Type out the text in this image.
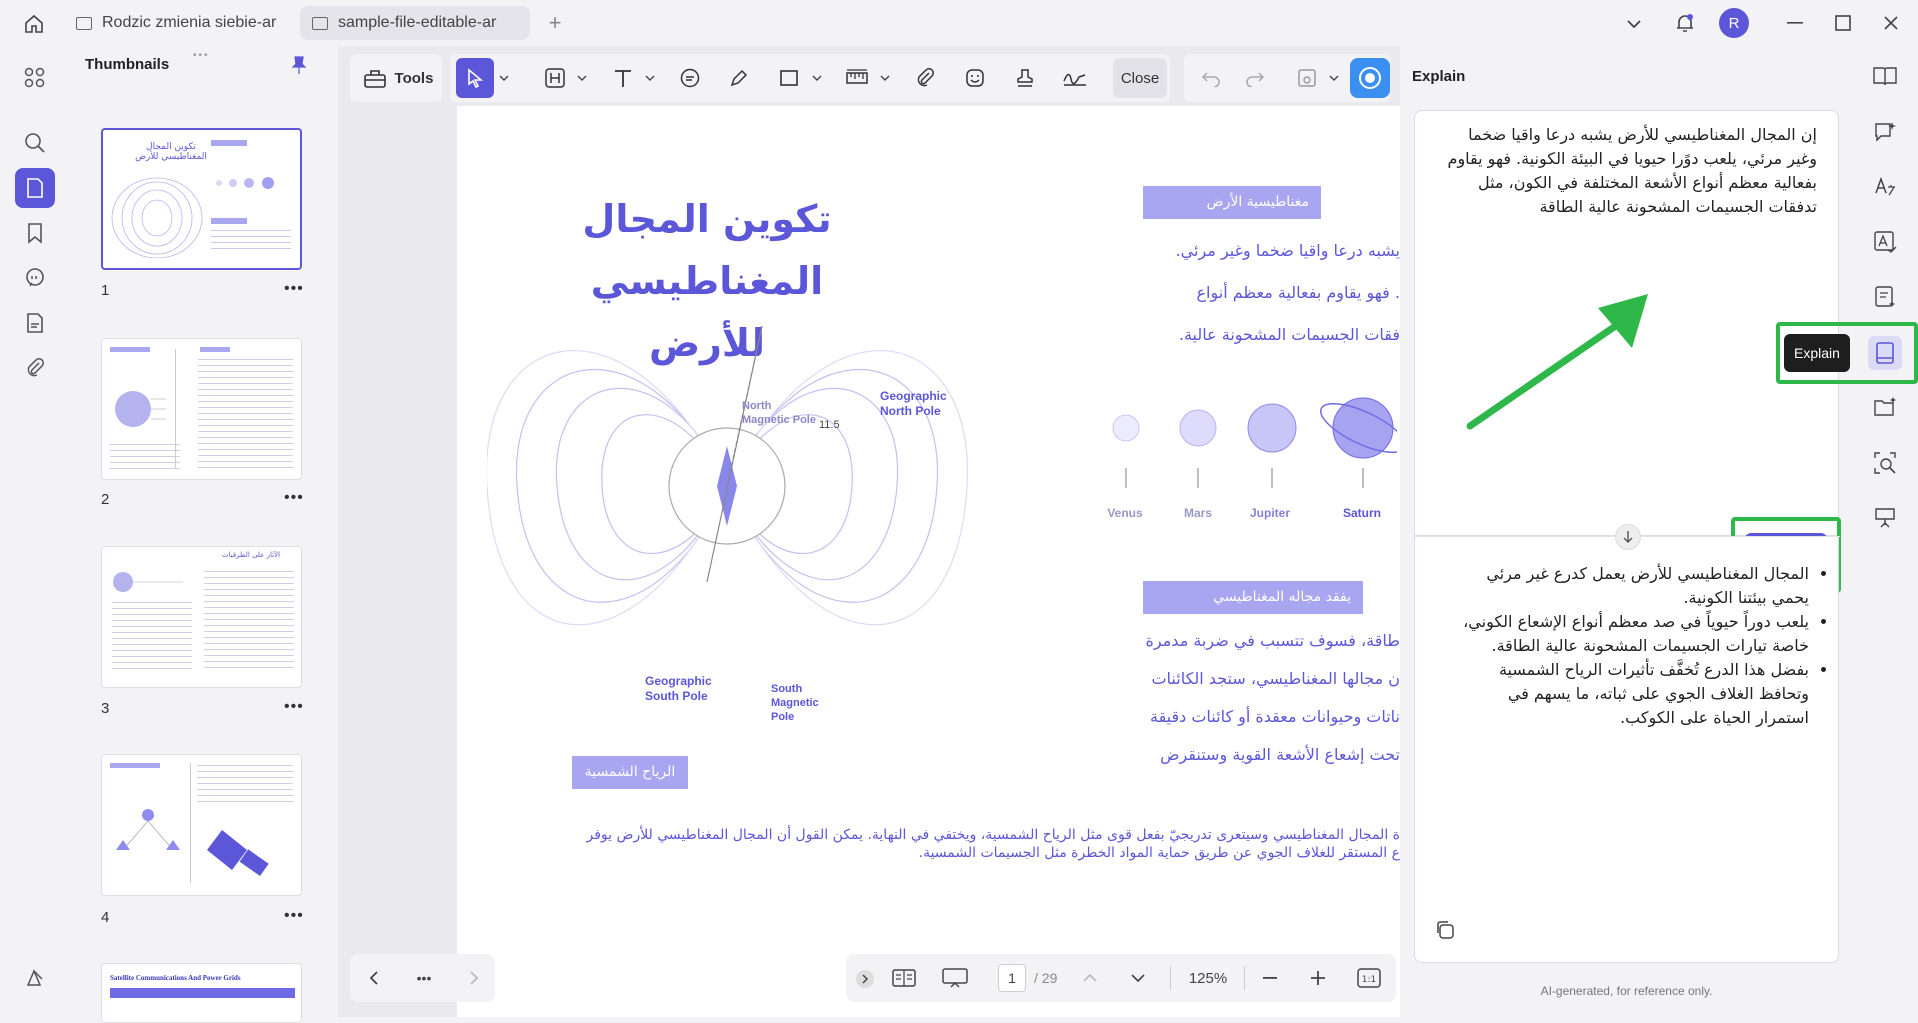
Rodzic zmienia siebie-ar	sample-file-editable-ar +	R
•••
Thumbnails
تكوين المجال
المغناطيسي للأرض
1	•••
2	•••
الآثار على الطرقيات
3	•••
4	•••
Satellite Communications And Power Grids
Tools	Close
تكوين المجال
المغناطيسي للأرض
مغناطيسية الأرض
يشبه درعا واقيا ضخما وغير مرئي.
. فهو يقاوم بفعالية معظم أنواع
فقات الجسيمات المشحونة عالية.
Venus	Mars	Jupiter	Saturn
يفقد مجاله المغناطيسي
طاقة، فسوف تتسبب في ضربة مدمرة
ن مجالها المغناطيسي، ستجد الكائنات
ناتات وحيوانات معقدة أو كائنات دقيقة
تحت إشعاع الأشعة القوية وستنقرض
North
Magnetic Pole
Geographic
North Pole
11.5
Geographic
South Pole	South
Magnetic
Pole
الرياح الشمسية
ة المجال المغناطيسي وسيتعرى تدريجيّ بفعل قوى مثل الرياح الشمسية، ويختفي في النهاية. يمكن القول أن المجال المغناطيسي للأرض يوفر
ع المستقر للغلاف الجوي عن طريق حماية المواد الخطرة مثل الجسيمات الشمسية.
•••	1	/ 29	125%	1:1
Explain
إن المجال المغناطيسي للأرض يشبه درعا واقيا ضخما وغير مرئي، يلعب دوًرا حيويا في البيئة الكونية. فهو يقاوم بفعالية معظم أنواع الأشعة المختلفة في الكون، مثل تدفقات الجسيمات المشحونة عالية الطاقة
• المجال المغناطيسي للأرض يعمل كدرع غير مرئي يحمي بيئتنا الكونية.
• يلعب دوراً حيوياً في صد معظم أنواع الإشعاع الكوني، خاصة تيارات الجسيمات المشحونة عالية الطاقة.
• بفضل هذا الدرع تُخفَّف تأثيرات الرياح الشمسية وتحافظ الغلاف الجوي على ثباته، ما يسهم في استمرار الحياة على الكوكب.
AI-generated, for reference only.
Explain
